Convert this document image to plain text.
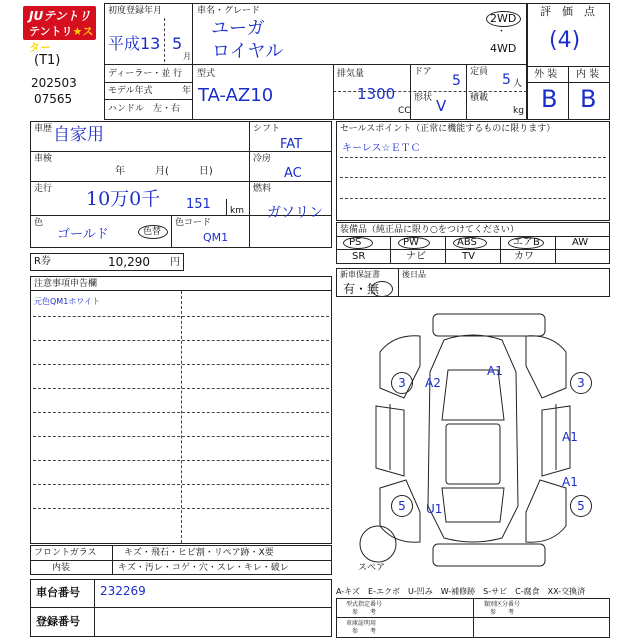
JUテントリ
テントリ★スター
(T1)
202503
07565
初度登録年月
平成13 5
月
車名・グレード
ユーガ
ロイヤル
2WD
・
4WD
ディーラー・並 行
モデル年式	年
ハンドル　左・右
型式
TA-AZ10
排気量
1300
CC
ドア
5
形状 V
定員 5 人
積載
kg
評　価　点
(4)
外 装 内 装
B B
車歴 自家用
車検
年　　　月(　　　日)
走行 10万0千 151 km
色
ゴールド	色替
色コード
QM1
シフト
FAT
冷房
AC
燃料
ガソリン
R券	10,290 円
セールスポイント（正常に機能するものに限ります）
キーレス☆ＥＴＣ
装備品（純正品に限り○をつけてください）
PS	PW	ABS	エアB	AW
SR	ナビ	TV	カワ
新車保証書
有・無
後日品
注意事項申告欄
元色QM1ホワイト
フロントガラス	キズ・飛石・ヒビ割・リペア跡・X要
内装	キズ・汚レ・コゲ・穴・スレ・キレ・破レ
車台番号 232269
登録番号
A-キズ　E-エクボ　U-凹み　W-補修跡　S-サビ　C-腐食　XX-交換済
型式指定番号
参　　考
類別区分番号
参　　考
車庫証明用
参　　考
A1
A2
A1
A1
U1
3	3
5	5
スペア
